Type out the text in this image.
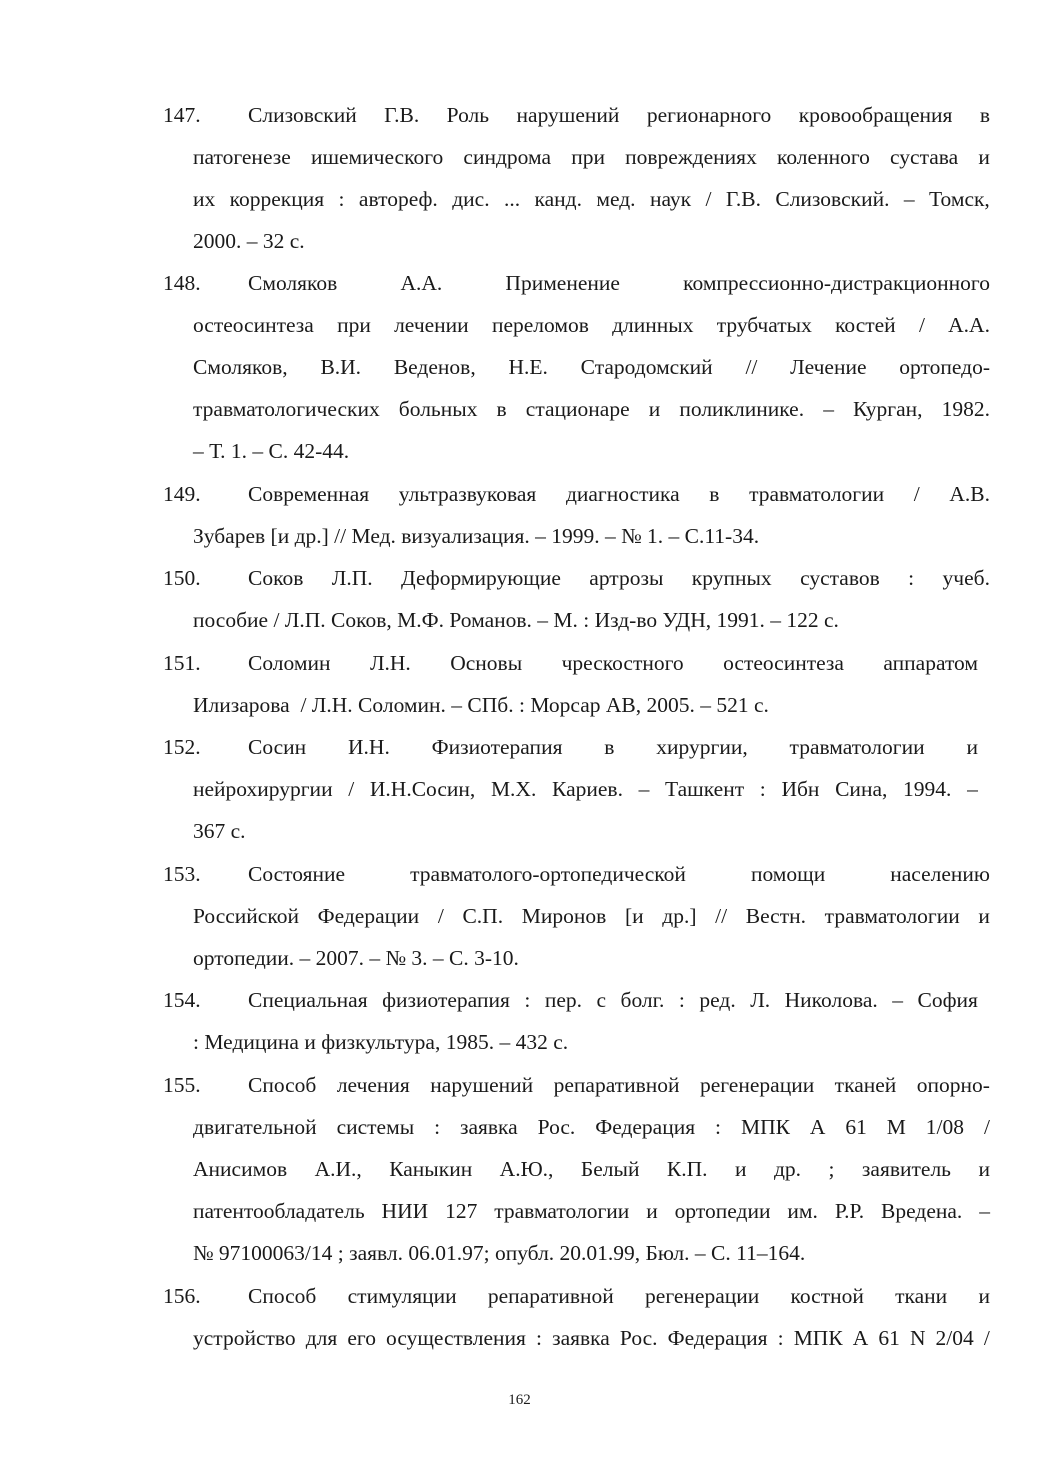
147. Слизовский Г.В. Роль нарушений регионарного кровообращения в
патогенезе ишемического синдрома при повреждениях коленного сустава и
их коррекция : автореф. дис. ... канд. мед. наук / Г.В. Слизовский. – Томск,
2000. – 32 с.
148. Смоляков	А.А.	Применение	компрессионно-дистракционного
остеосинтеза при лечении переломов длинных трубчатых костей / А.А.
Смоляков, В.И. Веденов, Н.Е. Стародомский // Лечение ортопедо-
травматологических больных в стационаре и поликлинике. – Курган, 1982.
– Т. 1. – С. 42-44.
149. Современная ультразвуковая диагностика в травматологии / А.В.
Зубарев [и др.] // Мед. визуализация. – 1999. – № 1. – С.11-34.
150. Соков Л.П. Деформирующие артрозы крупных суставов : учеб.
пособие / Л.П. Соков, М.Ф. Романов. – М. : Изд-во УДН, 1991. – 122 с.
151. Соломин Л.Н. Основы чрескостного остеосинтеза аппаратом
Илизарова  / Л.Н. Соломин. – СПб. : Морсар АВ, 2005. – 521 с.
152. Сосин И.Н. Физиотерапия в хирургии, травматологии и
нейрохирургии / И.Н.Сосин, М.Х. Кариев. – Ташкент : Ибн Сина, 1994. –
367 с.
153. Состояние	травматолого-ортопедической	помощи	населению
Российской Федерации / С.П. Миронов [и др.] // Вестн. травматологии и
ортопедии. – 2007. – № 3. – С. 3-10.
154. Специальная физиотерапия : пер. с болг. : ред. Л. Николова. – София
: Медицина и физкультура, 1985. – 432 с.
155. Способ лечения нарушений репаративной регенерации тканей опорно-
двигательной системы : заявка Рос. Федерация : МПК A 61 M 1/08 /
Анисимов А.И., Каныкин А.Ю., Белый К.П. и др. ; заявитель и
патентообладатель НИИ 127 травматологии и ортопедии им. Р.Р. Вредена. –
№ 97100063/14 ; заявл. 06.01.97; опубл. 20.01.99, Бюл. – С. 11–164.
156. Способ стимуляции репаративной регенерации костной ткани и
устройство для его осуществления : заявка Рос. Федерация : МПК A 61 N 2/04 /
162
